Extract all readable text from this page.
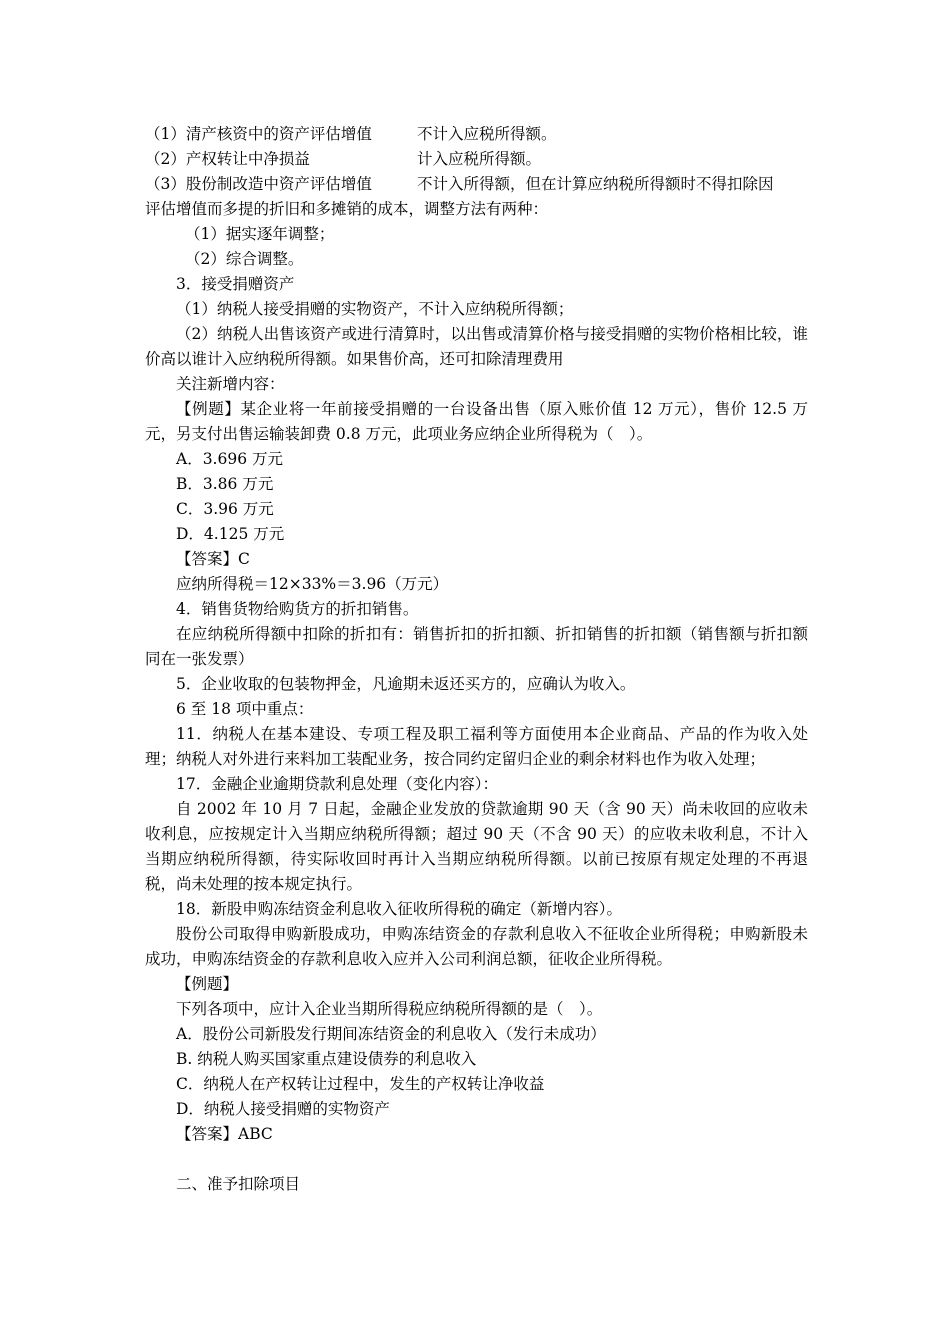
（1）清产核资中的资产评估增值	不计入应税所得额。
（2）产权转让中净损益	计入应税所得额。
（3）股份制改造中资产评估增值	不计入所得额，但在计算应纳税所得额时不得扣除因

评估增值而多提的折旧和多摊销的成本，调整方法有两种：

（1）据实逐年调整；

（2）综合调整。

3．接受捐赠资产

（1）纳税人接受捐赠的实物资产，不计入应纳税所得额；

（2）纳税人出售该资产或进行清算时，以出售或清算价格与接受捐赠的实物价格相比较，谁价高以谁计入应纳税所得额。如果售价高，还可扣除清理费用

关注新增内容：

【例题】某企业将一年前接受捐赠的一台设备出售（原入账价值 12 万元），售价 12.5 万元，另支付出售运输装卸费 0.8 万元，此项业务应纳企业所得税为（　）。

A．3.696 万元

B．3.86 万元

C．3.96 万元

D．4.125 万元

【答案】C

应纳所得税＝12×33%＝3.96（万元）

4．销售货物给购货方的折扣销售。

在应纳税所得额中扣除的折扣有：销售折扣的折扣额、折扣销售的折扣额（销售额与折扣额同在一张发票）

5．企业收取的包装物押金，凡逾期未返还买方的，应确认为收入。

6 至 18 项中重点：

11．纳税人在基本建设、专项工程及职工福利等方面使用本企业商品、产品的作为收入处理；纳税人对外进行来料加工装配业务，按合同约定留归企业的剩余材料也作为收入处理；

17．金融企业逾期贷款利息处理（变化内容）：

自 2002 年 10 月 7 日起，金融企业发放的贷款逾期 90 天（含 90 天）尚未收回的应收未收利息，应按规定计入当期应纳税所得额；超过 90 天（不含 90 天）的应收未收利息，不计入当期应纳税所得额，待实际收回时再计入当期应纳税所得额。以前已按原有规定处理的不再退税，尚未处理的按本规定执行。

18．新股申购冻结资金利息收入征收所得税的确定（新增内容）。

股份公司取得申购新股成功，申购冻结资金的存款利息收入不征收企业所得税；申购新股未成功，申购冻结资金的存款利息收入应并入公司利润总额，征收企业所得税。

【例题】

下列各项中，应计入企业当期所得税应纳税所得额的是（　）。

A．股份公司新股发行期间冻结资金的利息收入（发行未成功）

B. 纳税人购买国家重点建设债券的利息收入

C．纳税人在产权转让过程中，发生的产权转让净收益

D．纳税人接受捐赠的实物资产

【答案】ABC

二、准予扣除项目
